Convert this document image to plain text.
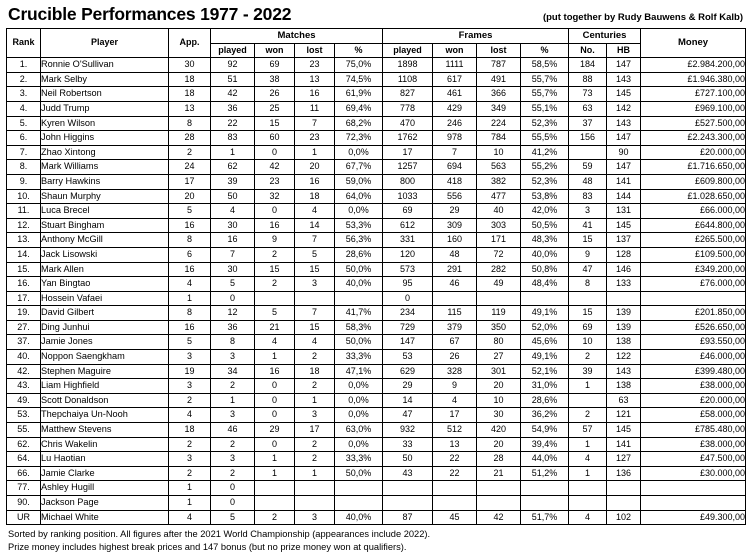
Crucible Performances 1977 - 2022	(put together by Rudy Bauwens & Rolf Kalb)
Rank	Player	App.	Matches				Frames				Centuries		Money
			played	won	lost	%	played	won	lost	%	No.	HB	
1.	Ronnie O'Sullivan	30	92	69	23	75,0%	1898	1111	787	58,5%	184	147	£2.984.200,00
2.	Mark Selby	18	51	38	13	74,5%	1108	617	491	55,7%	88	143	£1.946.380,00
3.	Neil Robertson	18	42	26	16	61,9%	827	461	366	55,7%	73	145	£727.100,00
4.	Judd Trump	13	36	25	11	69,4%	778	429	349	55,1%	63	142	£969.100,00
5.	Kyren Wilson	8	22	15	7	68,2%	470	246	224	52,3%	37	143	£527.500,00
6.	John Higgins	28	83	60	23	72,3%	1762	978	784	55,5%	156	147	£2.243.300,00
7.	Zhao Xintong	2	1	0	1	0,0%	17	7	10	41,2%		90	£20.000,00
8.	Mark Williams	24	62	42	20	67,7%	1257	694	563	55,2%	59	147	£1.716.650,00
9.	Barry Hawkins	17	39	23	16	59,0%	800	418	382	52,3%	48	141	£609.800,00
10.	Shaun Murphy	20	50	32	18	64,0%	1033	556	477	53,8%	83	144	£1.028.650,00
11.	Luca Brecel	5	4	0	4	0,0%	69	29	40	42,0%	3	131	£66.000,00
12.	Stuart Bingham	16	30	16	14	53,3%	612	309	303	50,5%	41	145	£644.800,00
13.	Anthony McGill	8	16	9	7	56,3%	331	160	171	48,3%	15	137	£265.500,00
14.	Jack Lisowski	6	7	2	5	28,6%	120	48	72	40,0%	9	128	£109.500,00
15.	Mark Allen	16	30	15	15	50,0%	573	291	282	50,8%	47	146	£349.200,00
16.	Yan Bingtao	4	5	2	3	40,0%	95	46	49	48,4%	8	133	£76.000,00
17.	Hossein Vafaei	1	0				0						
19.	David Gilbert	8	12	5	7	41,7%	234	115	119	49,1%	15	139	£201.850,00
27.	Ding Junhui	16	36	21	15	58,3%	729	379	350	52,0%	69	139	£526.650,00
37.	Jamie Jones	5	8	4	4	50,0%	147	67	80	45,6%	10	138	£93.550,00
40.	Noppon Saengkham	3	3	1	2	33,3%	53	26	27	49,1%	2	122	£46.000,00
42.	Stephen Maguire	19	34	16	18	47,1%	629	328	301	52,1%	39	143	£399.480,00
43.	Liam Highfield	3	2	0	2	0,0%	29	9	20	31,0%	1	138	£38.000,00
49.	Scott Donaldson	2	1	0	1	0,0%	14	4	10	28,6%		63	£20.000,00
53.	Thepchaiya Un-Nooh	4	3	0	3	0,0%	47	17	30	36,2%	2	121	£58.000,00
55.	Matthew Stevens	18	46	29	17	63,0%	932	512	420	54,9%	57	145	£785.480,00
62.	Chris Wakelin	2	2	0	2	0,0%	33	13	20	39,4%	1	141	£38.000,00
64.	Lu Haotian	3	3	1	2	33,3%	50	22	28	44,0%	4	127	£47.500,00
66.	Jamie Clarke	2	2	1	1	50,0%	43	22	21	51,2%	1	136	£30.000,00
77.	Ashley Hugill	1	0										
90.	Jackson Page	1	0										
UR	Michael White	4	5	2	3	40,0%	87	45	42	51,7%	4	102	£49.300,00
Sorted by ranking position. All figures after the 2021 World Championship (appearances include 2022).
Prize money includes highest break prices and 147 bonus (but no prize money won at qualifiers).
